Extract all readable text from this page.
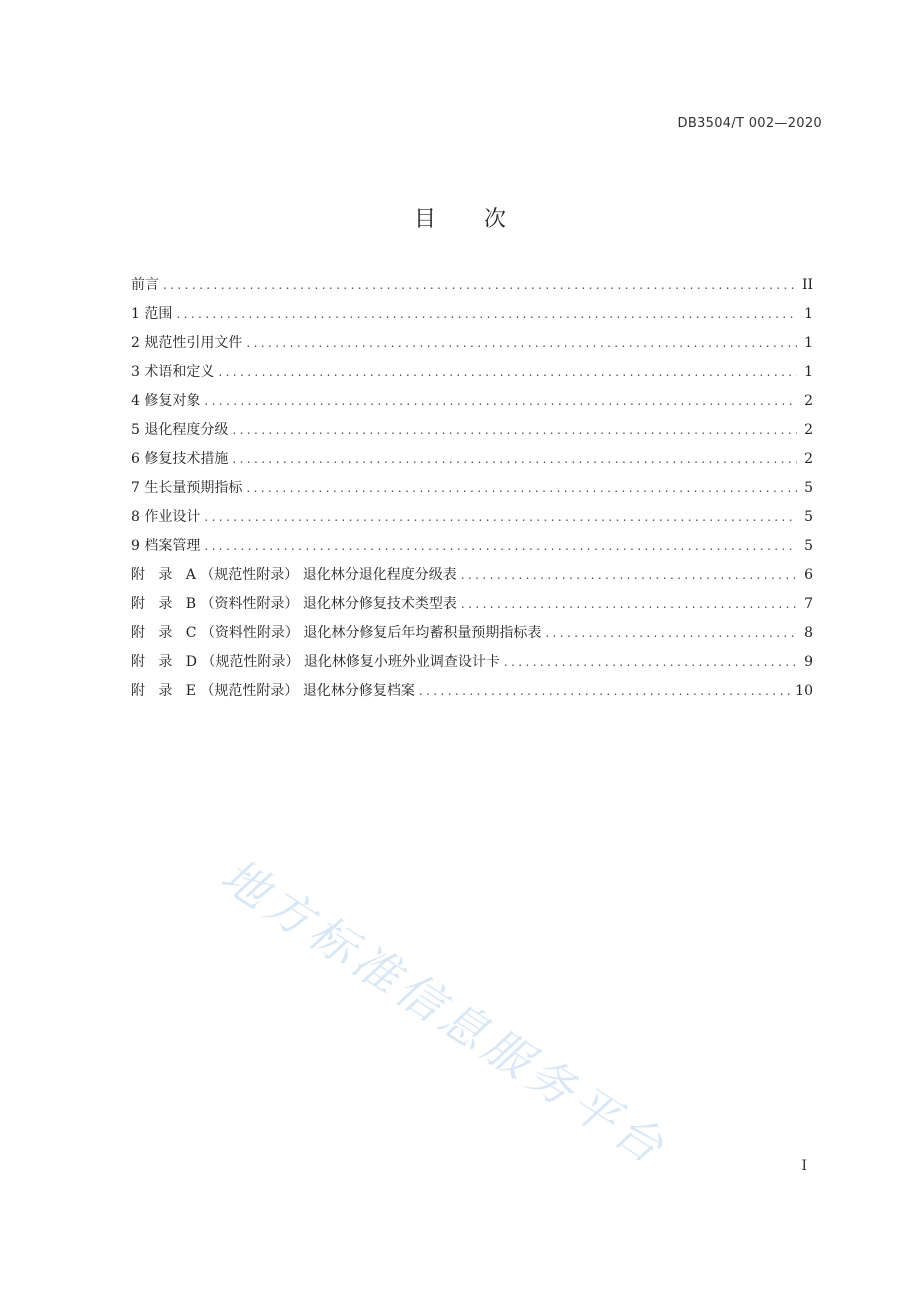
DB3504/T 002—2020
目 次
前言 .....	II
1 范围 .....	1
2 规范性引用文件 .....	1
3 术语和定义 .....	1
4 修复对象 .....	2
5 退化程度分级 .....	2
6 修复技术措施 .....	2
7 生长量预期指标 .....	5
8 作业设计 .....	5
9 档案管理 .....	5
附 录 A （规范性附录） 退化林分退化程度分级表 .....	6
附 录 B （资料性附录） 退化林分修复技术类型表 .....	7
附 录 C （资料性附录） 退化林分修复后年均蓄积量预期指标表 .....	8
附 录 D （规范性附录） 退化林修复小班外业调查设计卡 .....	9
附 录 E （规范性附录） 退化林分修复档案 .....	10
地方标准信息服务平台	I
